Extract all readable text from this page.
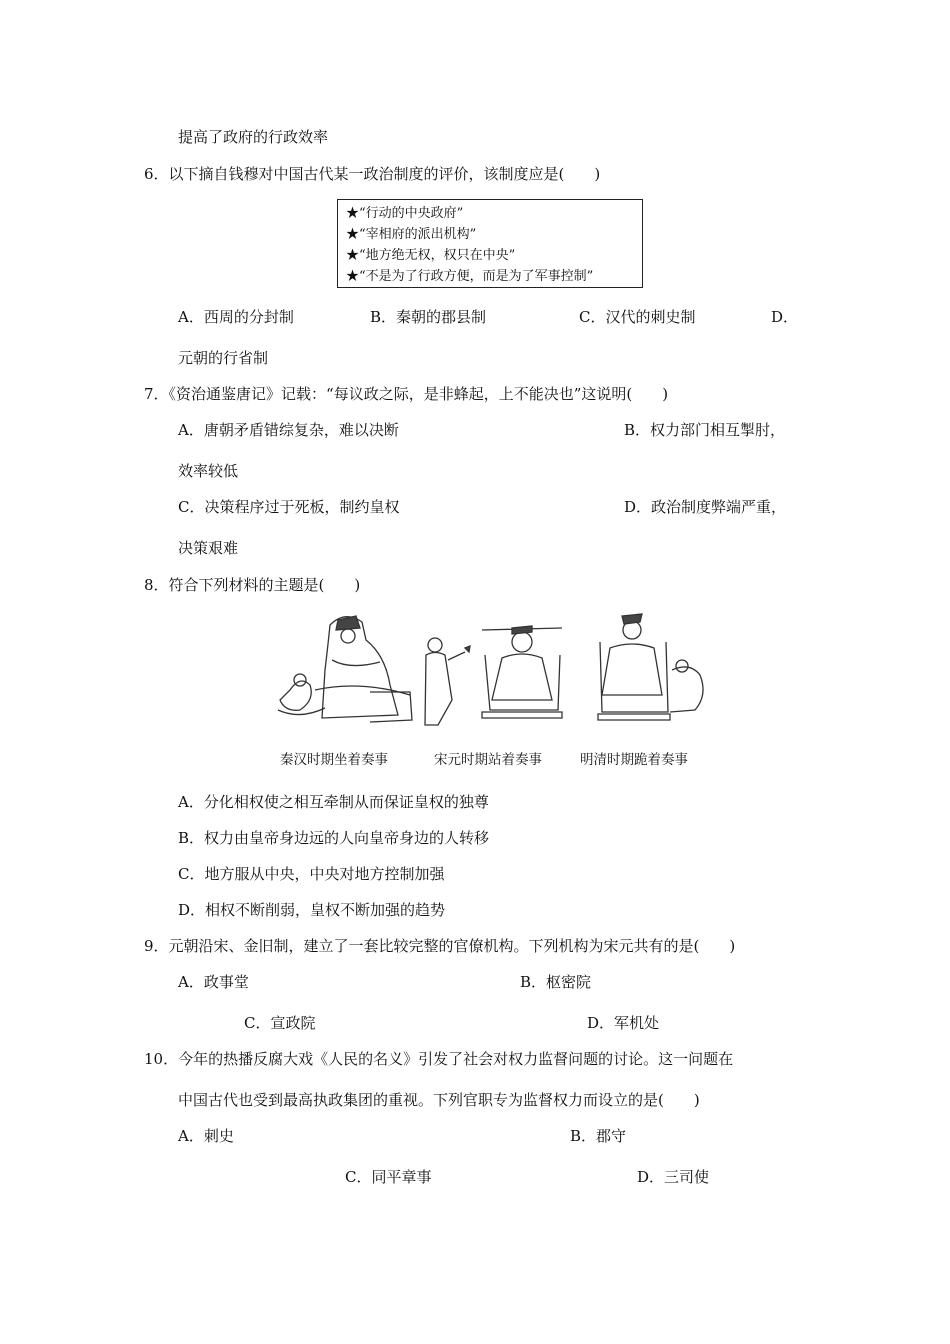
提高了政府的行政效率
6．以下摘自钱穆对中国古代某一政治制度的评价，该制度应是(　　)
★“行动的中央政府”
★“宰相府的派出机构”
★“地方绝无权，权只在中央”
★“不是为了行政方便，而是为了军事控制”
A．西周的分封制	B．秦朝的郡县制	C．汉代的刺史制	D．
元朝的行省制
7．《资治通鉴唐记》记载：“每议政之际，是非蜂起，上不能决也”这说明(　　)
A．唐朝矛盾错综复杂，难以决断	B．权力部门相互掣肘，
效率较低
C．决策程序过于死板，制约皇权	D．政治制度弊端严重，
决策艰难
8．符合下列材料的主题是(　　)
秦汉时期坐着奏事	宋元时期站着奏事	明清时期跪着奏事
A．分化相权使之相互牵制从而保证皇权的独尊
B．权力由皇帝身边远的人向皇帝身边的人转移
C．地方服从中央，中央对地方控制加强
D．相权不断削弱，皇权不断加强的趋势
9．元朝沿宋、金旧制，建立了一套比较完整的官僚机构。下列机构为宋元共有的是(　　)
A．政事堂	B．枢密院
C．宣政院	D．军机处
10．今年的热播反腐大戏《人民的名义》引发了社会对权力监督问题的讨论。这一问题在
中国古代也受到最高执政集团的重视。下列官职专为监督权力而设立的是(　　)
A．刺史	B．郡守
C．同平章事	D．三司使
